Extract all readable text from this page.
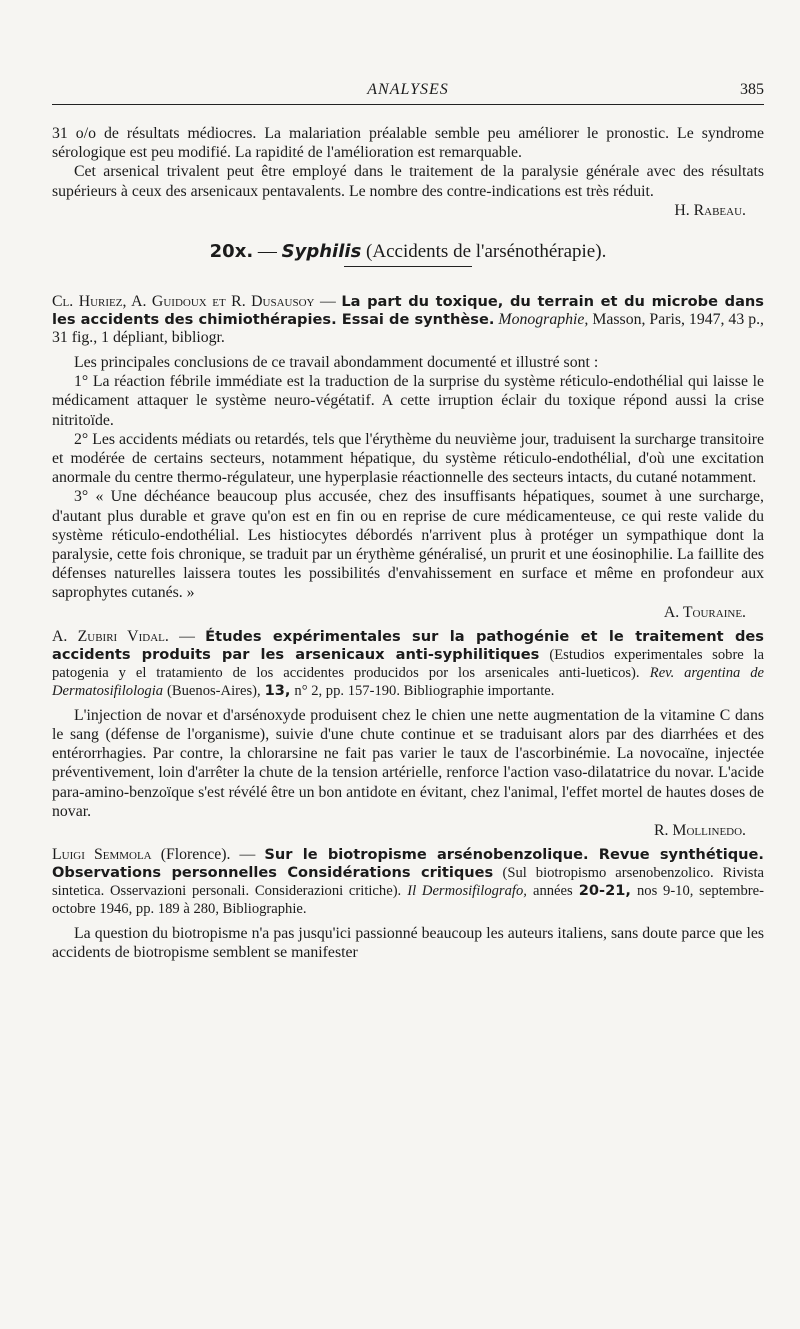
ANALYSES	385

31 o/o de résultats médiocres. La malariation préalable semble peu améliorer le pronostic. Le syndrome sérologique est peu modifié. La rapidité de l'amélioration est remarquable.

Cet arsenical trivalent peut être employé dans le traitement de la paralysie générale avec des résultats supérieurs à ceux des arsenicaux pentavalents. Le nombre des contre-indications est très réduit.

H. Rabeau.

20x. — Syphilis (Accidents de l'arsénothérapie).

Cl. Huriez, A. Guidoux et R. Dusausoy — La part du toxique, du terrain et du microbe dans les accidents des chimiothérapies. Essai de synthèse. Monographie, Masson, Paris, 1947, 43 p., 31 fig., 1 dépliant, bibliogr.

Les principales conclusions de ce travail abondamment documenté et illustré sont :

1° La réaction fébrile immédiate est la traduction de la surprise du système réticulo-endothélial qui laisse le médicament attaquer le système neuro-végétatif. A cette irruption éclair du toxique répond aussi la crise nitritoïde.

2° Les accidents médiats ou retardés, tels que l'érythème du neuvième jour, traduisent la surcharge transitoire et modérée de certains secteurs, notamment hépatique, du système réticulo-endothélial, d'où une excitation anormale du centre thermo-régulateur, une hyperplasie réactionnelle des secteurs intacts, du cutané notamment.

3° « Une déchéance beaucoup plus accusée, chez des insuffisants hépatiques, soumet à une surcharge, d'autant plus durable et grave qu'on est en fin ou en reprise de cure médicamenteuse, ce qui reste valide du système réticulo-endothélial. Les histiocytes débordés n'arrivent plus à protéger un sympathique dont la paralysie, cette fois chronique, se traduit par un érythème généralisé, un prurit et une éosinophilie. La faillite des défenses naturelles laissera toutes les possibilités d'envahissement en surface et même en profondeur aux saprophytes cutanés. »

A. Touraine.

A. Zubiri Vidal. — Études expérimentales sur la pathogénie et le traitement des accidents produits par les arsenicaux anti-syphilitiques (Estudios experimentales sobre la patogenia y el tratamiento de los accidentes producidos por los arsenicales anti-lueticos). Rev. argentina de Dermatosifilologia (Buenos-Aires), 13, n° 2, pp. 157-190. Bibliographie importante.

L'injection de novar et d'arsénoxyde produisent chez le chien une nette augmentation de la vitamine C dans le sang (défense de l'organisme), suivie d'une chute continue et se traduisant alors par des diarrhées et des entérorrhagies. Par contre, la chlorarsine ne fait pas varier le taux de l'ascorbinémie. La novocaïne, injectée préventivement, loin d'arrêter la chute de la tension artérielle, renforce l'action vaso-dilatatrice du novar. L'acide para-amino-benzoïque s'est révélé être un bon antidote en évitant, chez l'animal, l'effet mortel de hautes doses de novar.

R. Mollinedo.

Luigi Semmola (Florence). — Sur le biotropisme arsénobenzolique. Revue synthétique. Observations personnelles Considérations critiques (Sul biotropismo arsenobenzolico. Rivista sintetica. Osservazioni personali. Considerazioni critiche). Il Dermosifilografo, années 20-21, nos 9-10, septembre-octobre 1946, pp. 189 à 280, Bibliographie.

La question du biotropisme n'a pas jusqu'ici passionné beaucoup les auteurs italiens, sans doute parce que les accidents de biotropisme semblent se manifester
